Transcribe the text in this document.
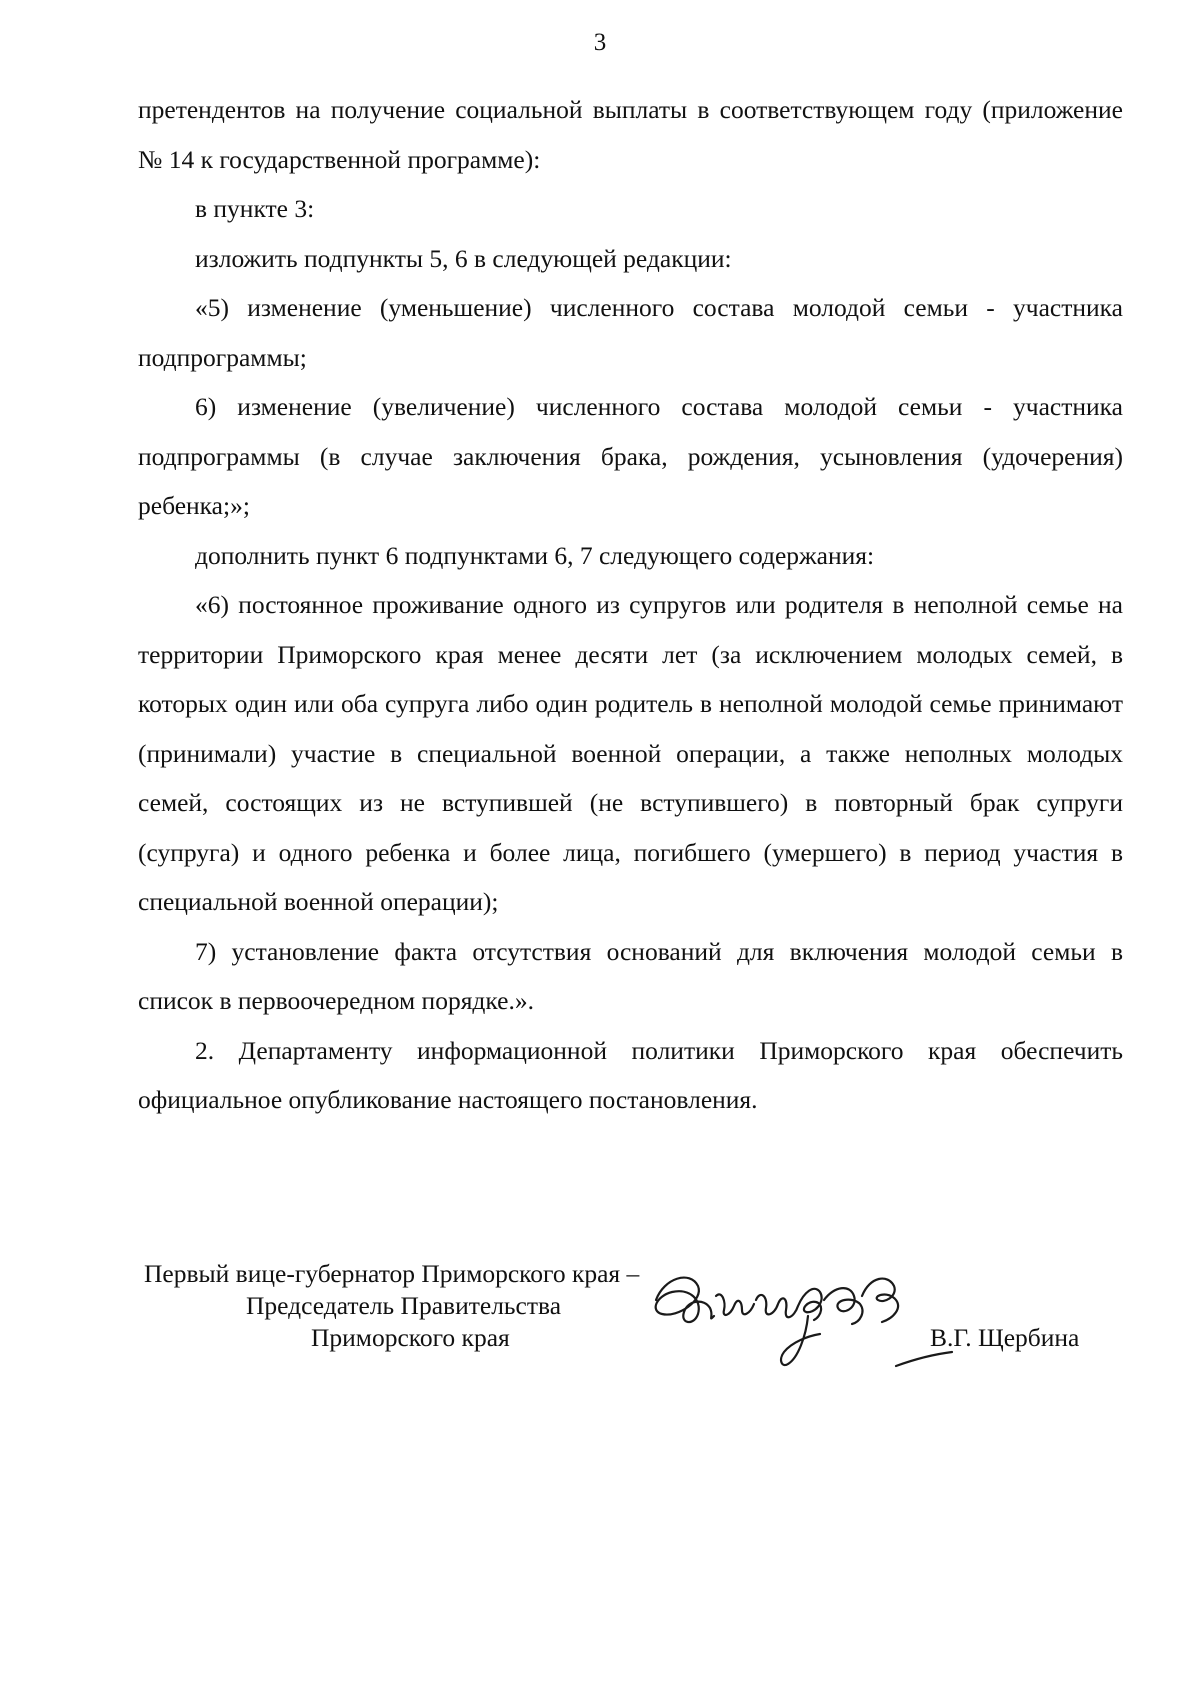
3

претендентов на получение социальной выплаты в соответствующем году (приложение № 14 к государственной программе):

в пункте 3:

изложить подпункты 5, 6 в следующей редакции:

«5) изменение (уменьшение) численного состава молодой семьи - участника подпрограммы;

6) изменение (увеличение) численного состава молодой семьи - участника подпрограммы (в случае заключения брака, рождения, усыновления (удочерения) ребенка;»;

дополнить пункт 6 подпунктами 6, 7 следующего содержания:

«6) постоянное проживание одного из супругов или родителя в неполной семье на территории Приморского края менее десяти лет (за исключением молодых семей, в которых один или оба супруга либо один родитель в неполной молодой семье принимают (принимали) участие в специальной военной операции, а также неполных молодых семей, состоящих из не вступившей (не вступившего) в повторный брак супруги (супруга) и одного ребенка и более лица, погибшего (умершего) в период участия в специальной военной операции);

7) установление факта отсутствия оснований для включения молодой семьи в список в первоочередном порядке.».

2. Департаменту информационной политики Приморского края обеспечить официальное опубликование настоящего постановления.

Первый вице-губернатор Приморского края –
Председатель Правительства
Приморского края	В.Г. Щербина
